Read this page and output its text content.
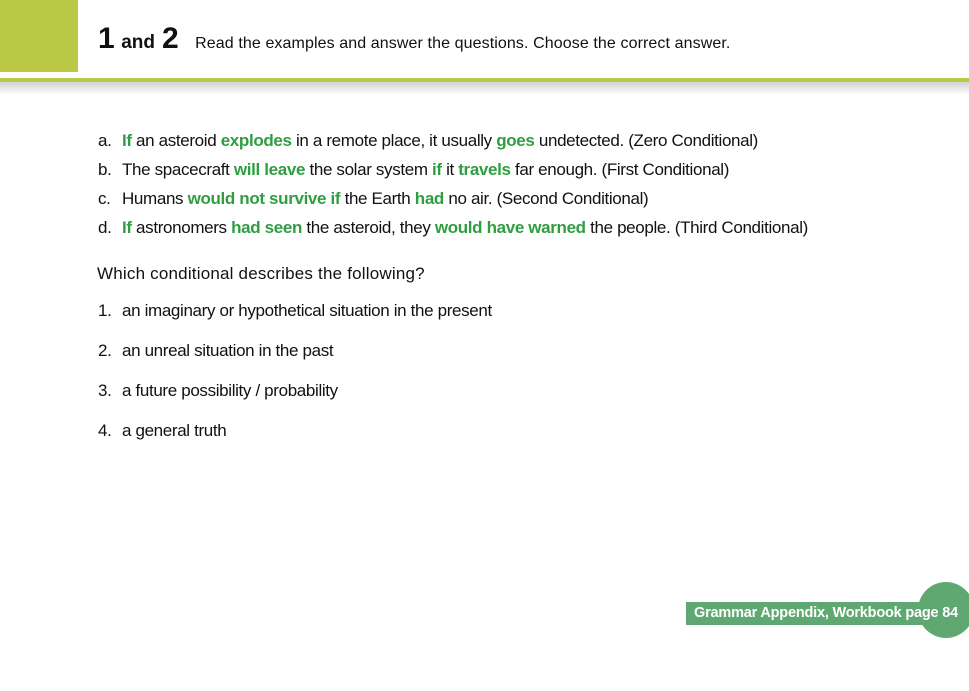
1 and 2 Read the examples and answer the questions. Choose the correct answer.
a. If an asteroid explodes in a remote place, it usually goes undetected. (Zero Conditional)
b. The spacecraft will leave the solar system if it travels far enough. (First Conditional)
c. Humans would not survive if the Earth had no air. (Second Conditional)
d. If astronomers had seen the asteroid, they would have warned the people. (Third Conditional)
Which conditional describes the following?
1. an imaginary or hypothetical situation in the present
2. an unreal situation in the past
3. a future possibility / probability
4. a general truth
Grammar Appendix, Workbook page 84
